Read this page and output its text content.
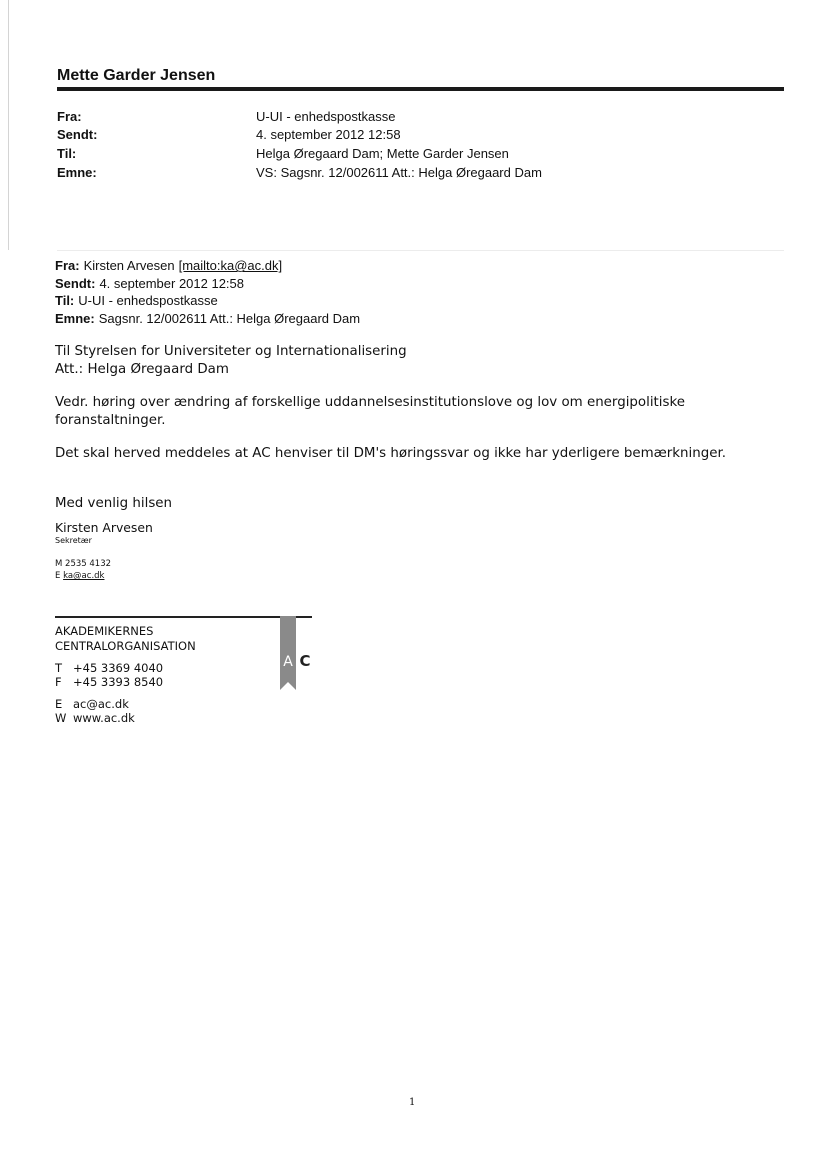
Mette Garder Jensen
Fra:	U-UI - enhedspostkasse
Sendt:	4. september 2012 12:58
Til:	Helga Øregaard Dam; Mette Garder Jensen
Emne:	VS: Sagsnr. 12/002611 Att.: Helga Øregaard Dam
Fra: Kirsten Arvesen [mailto:ka@ac.dk]
Sendt: 4. september 2012 12:58
Til: U-UI - enhedspostkasse
Emne: Sagsnr. 12/002611 Att.: Helga Øregaard Dam
Til Styrelsen for Universiteter og Internationalisering
Att.: Helga Øregaard Dam

Vedr. høring over ændring af forskellige uddannelsesinstitutionslove og lov om energipolitiske foranstaltninger.

Det skal herved meddeles at AC henviser til DM's høringssvar og ikke har yderligere bemærkninger.

Med venlig hilsen

Kirsten Arvesen

Sekretær

M 2535 4132

E ka@ac.dk

AKADEMIKERNES
CENTRALORGANISATION
T +45 3369 4040
F +45 3393 8540
E ac@ac.dk
W www.ac.dk
A C

1
